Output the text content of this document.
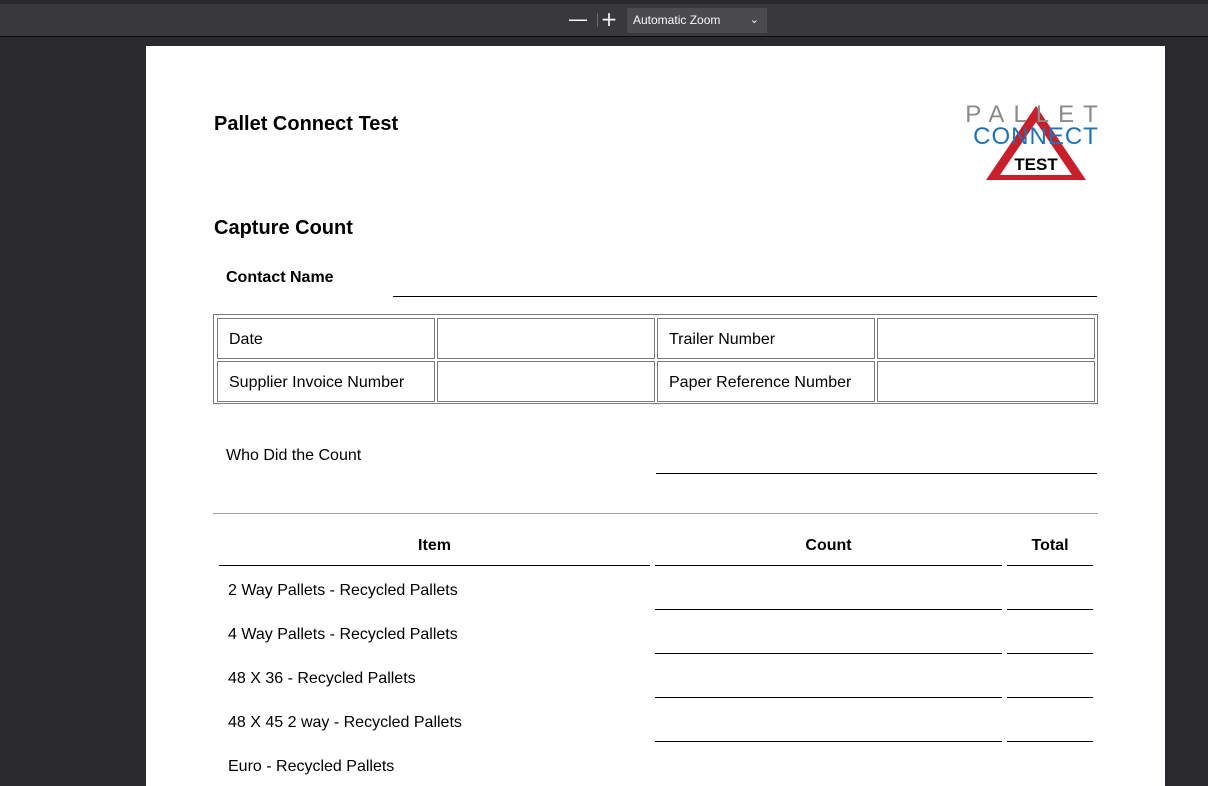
— +	Automatic Zoom	⌄
Pallet Connect Test	PALLET
CONNECT
TEST
Capture Count
Contact Name
Date	Trailer Number
Supplier Invoice Number	Paper Reference Number
Who Did the Count
Item	Count	Total
2 Way Pallets - Recycled Pallets
4 Way Pallets - Recycled Pallets
48 X 36 - Recycled Pallets
48 X 45 2 way - Recycled Pallets
Euro - Recycled Pallets
